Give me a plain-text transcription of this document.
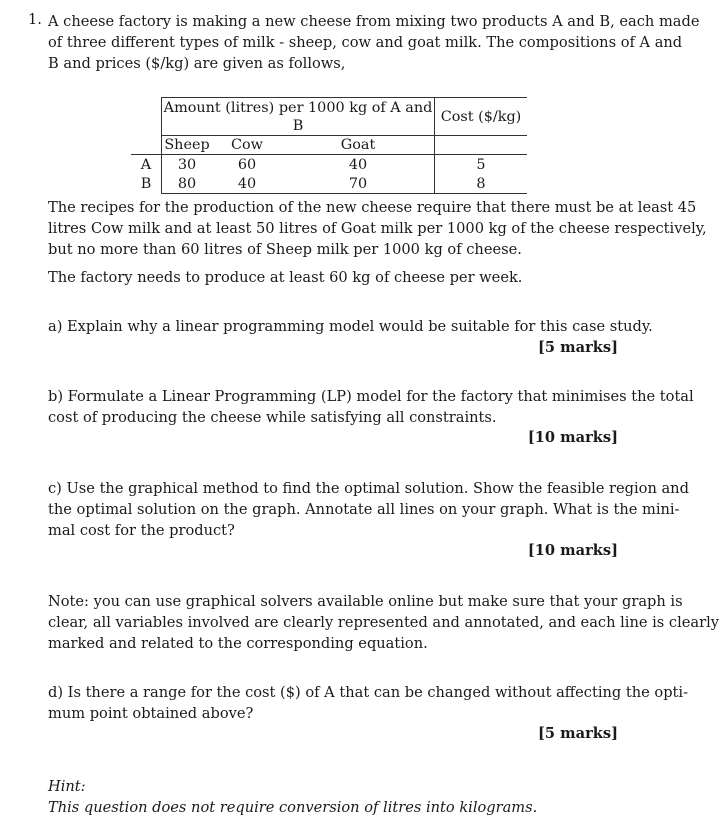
1. A cheese factory is making a new cheese from mixing two products A and B, each made
of three different types of milk - sheep, cow and goat milk. The compositions of A and
B and prices ($/kg) are given as follows,
	Amount (litres) per 1000 kg of A and B			Cost ($/kg)
	Sheep	Cow	Goat	
A	30	60	40	5
B	80	40	70	8
The recipes for the production of the new cheese require that there must be at least 45
litres Cow milk and at least 50 litres of Goat milk per 1000 kg of the cheese respectively,
but no more than 60 litres of Sheep milk per 1000 kg of cheese.
The factory needs to produce at least 60 kg of cheese per week.
a) Explain why a linear programming model would be suitable for this case study.
[5 marks]
b) Formulate a Linear Programming (LP) model for the factory that minimises the total
cost of producing the cheese while satisfying all constraints.
[10 marks]
c) Use the graphical method to find the optimal solution. Show the feasible region and
the optimal solution on the graph. Annotate all lines on your graph. What is the mini-
mal cost for the product?
[10 marks]
Note: you can use graphical solvers available online but make sure that your graph is
clear, all variables involved are clearly represented and annotated, and each line is clearly
marked and related to the corresponding equation.
d) Is there a range for the cost ($) of A that can be changed without affecting the opti-
mum point obtained above?
[5 marks]
Hint:
This question does not require conversion of litres into kilograms.
